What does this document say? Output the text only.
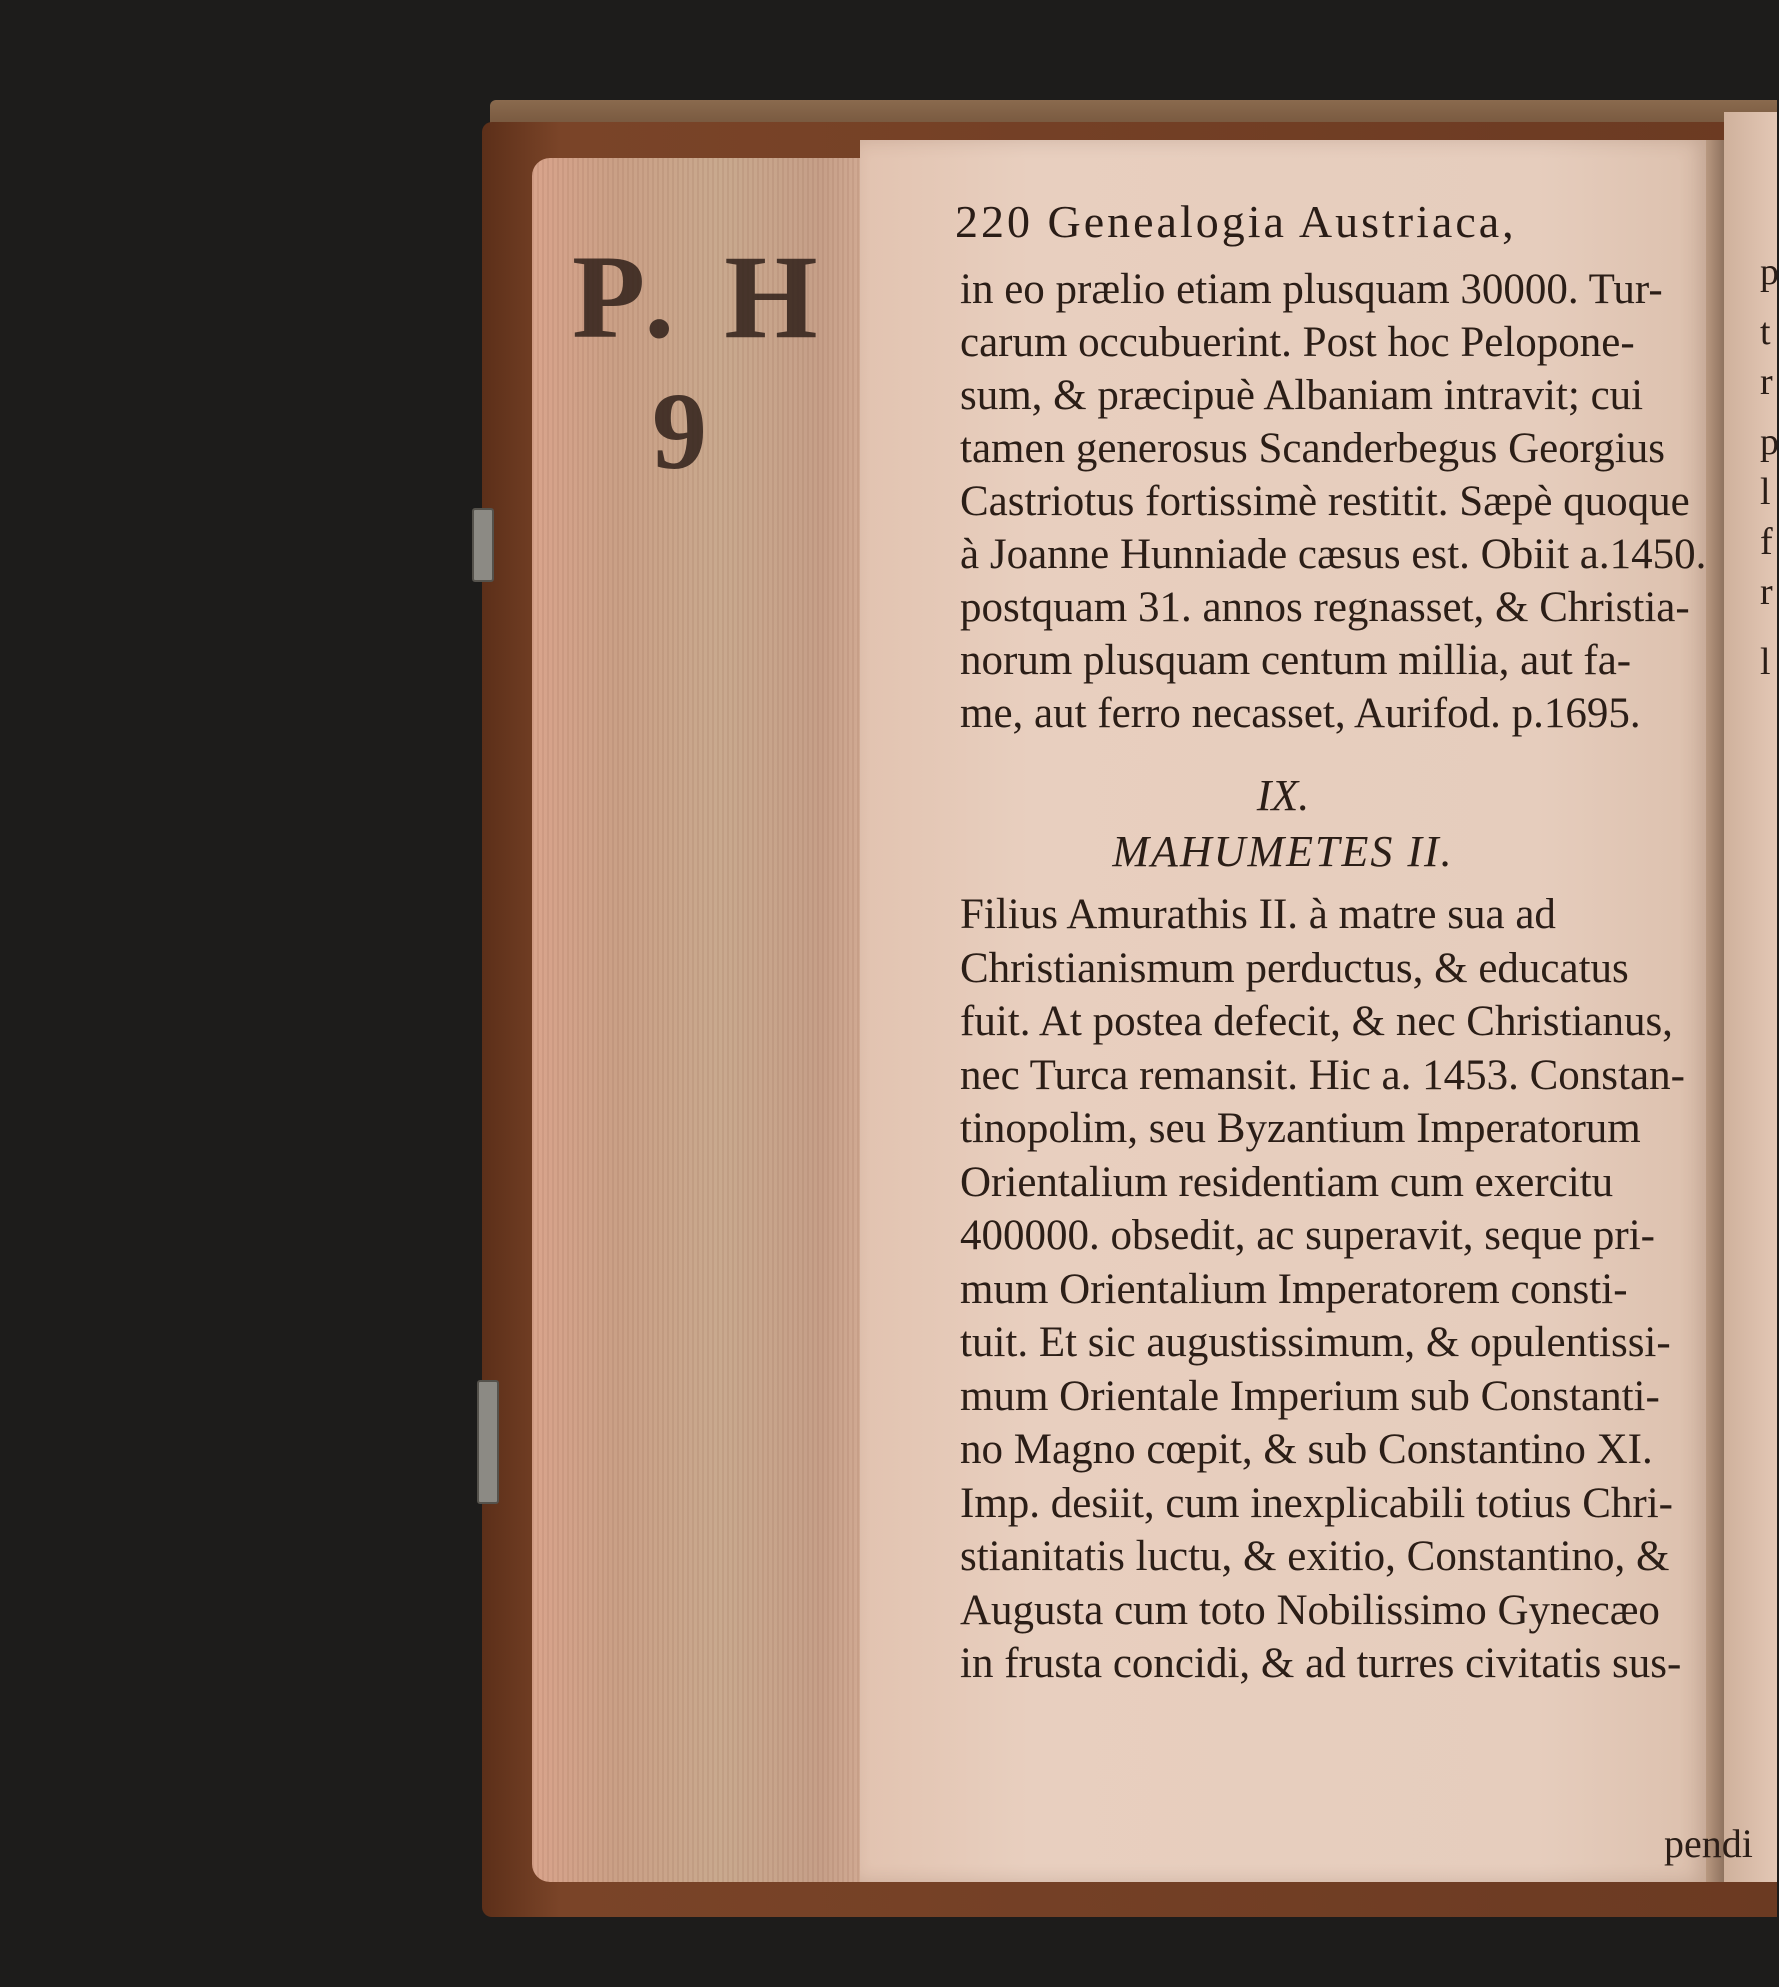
P. H
9
p
t
r
p
l
f
r
l
220 Genealogia Austriaca,
in eo prælio etiam plusquam 30000. Tur-
carum occubuerint. Post hoc Pelopone-
sum, & præcipuè Albaniam intravit; cui
tamen generosus Scanderbegus Georgius
Castriotus fortissimè restitit. Sæpè quoque
à Joanne Hunniade cæsus est. Obiit a.1450.
postquam 31. annos regnasset, & Christia-
norum plusquam centum millia, aut fa-
me, aut ferro necasset, Aurifod. p.1695.
IX.
MAHUMETES II.
Filius Amurathis II. à matre sua ad
Christianismum perductus, & educatus
fuit. At postea defecit, & nec Christianus,
nec Turca remansit. Hic a. 1453. Constan-
tinopolim, seu Byzantium Imperatorum
Orientalium residentiam cum exercitu
400000. obsedit, ac superavit, seque pri-
mum Orientalium Imperatorem consti-
tuit. Et sic augustissimum, & opulentissi-
mum Orientale Imperium sub Constanti-
no Magno cœpit, & sub Constantino XI.
Imp. desiit, cum inexplicabili totius Chri-
stianitatis luctu, & exitio, Constantino, &
Augusta cum toto Nobilissimo Gynecæo
in frusta concidi, & ad turres civitatis sus-
pendi
